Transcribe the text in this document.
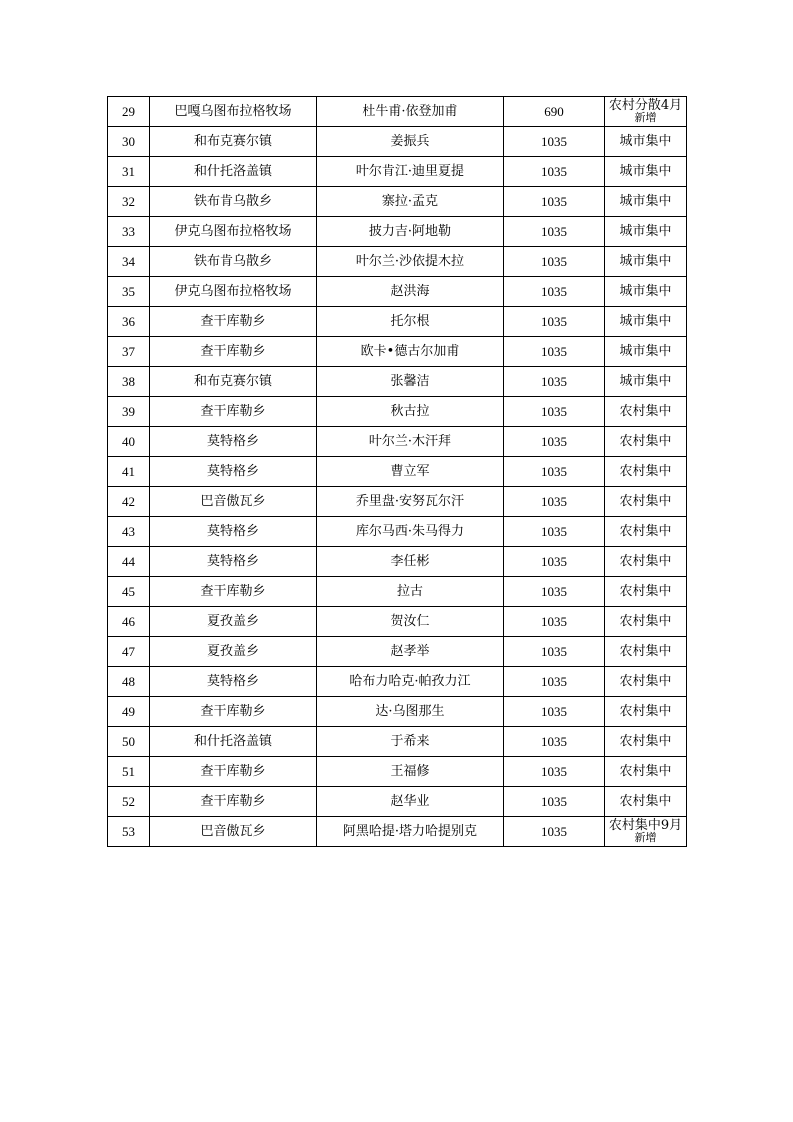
29	巴嘎乌图布拉格牧场	杜牛甫·依登加甫	690	农村分散4月
新增

30	和布克赛尔镇	姜振兵	1035	城市集中
31	和什托洛盖镇	叶尔肯江·迪里夏提	1035	城市集中
32	铁布肯乌散乡	寨拉·孟克	1035	城市集中
33	伊克乌图布拉格牧场	披力吉·阿地勒	1035	城市集中
34	铁布肯乌散乡	叶尔兰·沙依提木拉	1035	城市集中
35	伊克乌图布拉格牧场	赵洪海	1035	城市集中
36	查干库勒乡	托尔根	1035	城市集中
37	查干库勒乡	欧卡•德古尔加甫	1035	城市集中
38	和布克赛尔镇	张馨洁	1035	城市集中
39	查干库勒乡	秋古拉	1035	农村集中
40	莫特格乡	叶尔兰·木汗拜	1035	农村集中
41	莫特格乡	曹立军	1035	农村集中
42	巴音傲瓦乡	乔里盘·安努瓦尔汗	1035	农村集中
43	莫特格乡	库尔马西·朱马得力	1035	农村集中
44	莫特格乡	李任彬	1035	农村集中
45	查干库勒乡	拉古	1035	农村集中
46	夏孜盖乡	贺汝仁	1035	农村集中
47	夏孜盖乡	赵孝举	1035	农村集中
48	莫特格乡	哈布力哈克·帕孜力江	1035	农村集中
49	查干库勒乡	达·乌图那生	1035	农村集中
50	和什托洛盖镇	于希来	1035	农村集中
51	查干库勒乡	王福修	1035	农村集中
52	查干库勒乡	赵华业	1035	农村集中
53	巴音傲瓦乡	阿黑哈提·塔力哈提别克	1035	农村集中9月
新增
